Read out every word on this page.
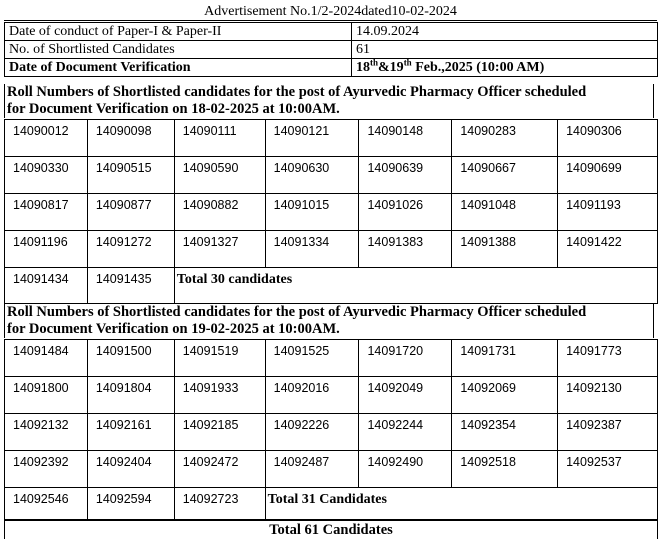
Advertisement No.1/2-2024dated10-02-2024
Date of conduct of Paper-I & Paper-II	14.09.2024
No. of Shortlisted Candidates	61
Date of Document Verification	18th&19th Feb.,2025 (10:00 AM)
Roll Numbers of Shortlisted candidates for the post of Ayurvedic Pharmacy Officer scheduled
for Document Verification on 18-02-2025 at 10:00AM.
14090012	14090098	14090111	14090121	14090148	14090283	14090306
14090330	14090515	14090590	14090630	14090639	14090667	14090699
14090817	14090877	14090882	14091015	14091026	14091048	14091193
14091196	14091272	14091327	14091334	14091383	14091388	14091422
14091434	14091435	Total 30 candidates				
Roll Numbers of Shortlisted candidates for the post of Ayurvedic Pharmacy Officer scheduled
for Document Verification on 19-02-2025 at 10:00AM.
14091484	14091500	14091519	14091525	14091720	14091731	14091773
14091800	14091804	14091933	14092016	14092049	14092069	14092130
14092132	14092161	14092185	14092226	14092244	14092354	14092387
14092392	14092404	14092472	14092487	14092490	14092518	14092537
14092546	14092594	14092723	Total 31 Candidates			
Total 61 Candidates
